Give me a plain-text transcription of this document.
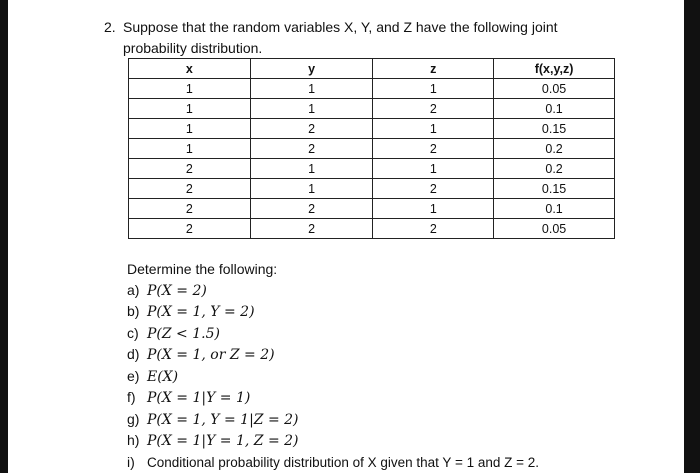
2. Suppose that the random variables X, Y, and Z have the following joint probability distribution.
x	y	z	f(x,y,z)
1	1	1	0.05
1	1	2	0.1
1	2	1	0.15
1	2	2	0.2
2	1	1	0.2
2	1	2	0.15
2	2	1	0.1
2	2	2	0.05
Determine the following:
a) P(X = 2)
b) P(X = 1, Y = 2)
c) P(Z < 1.5)
d) P(X = 1, or Z = 2)
e) E(X)
f) P(X = 1|Y = 1)
g) P(X = 1, Y = 1|Z = 2)
h) P(X = 1|Y = 1, Z = 2)
i) Conditional probability distribution of X given that Y = 1 and Z = 2.
